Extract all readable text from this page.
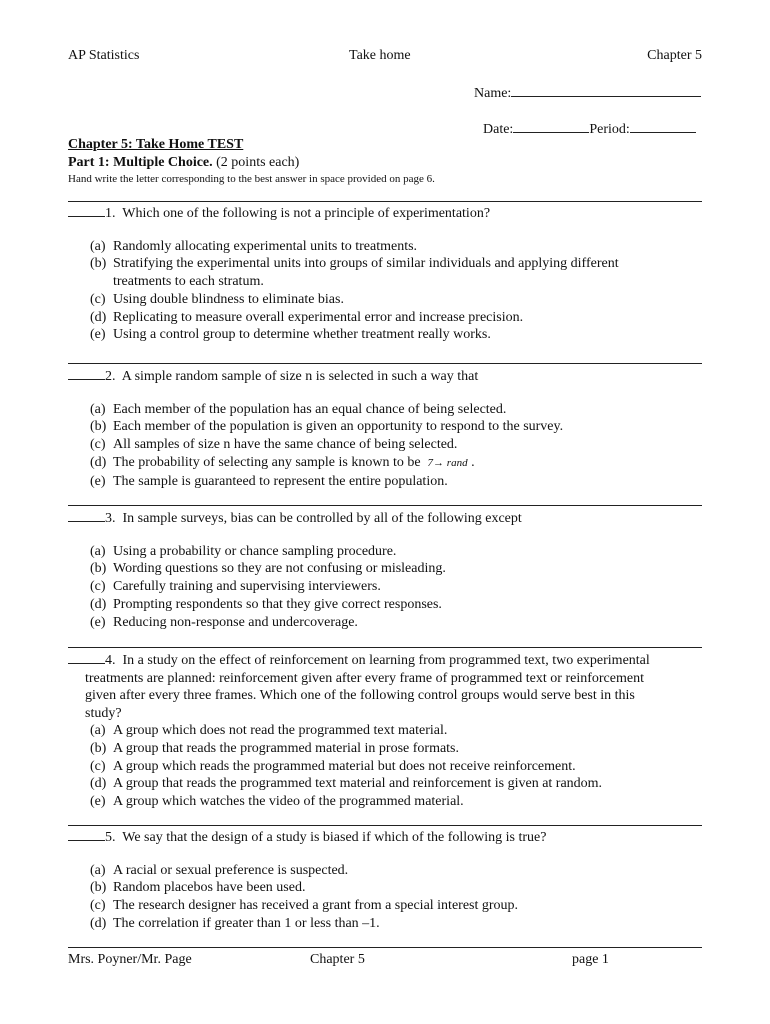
AP Statistics	Take home	Chapter 5
Name:
Date:	Period:
Chapter 5: Take Home TEST
Part 1: Multiple Choice. (2 points each)
Hand write the letter corresponding to the best answer in space provided on page 6.
1. Which one of the following is not a principle of experimentation?
(a) Randomly allocating experimental units to treatments.
(b) Stratifying the experimental units into groups of similar individuals and applying different
treatments to each stratum.
(c) Using double blindness to eliminate bias.
(d) Replicating to measure overall experimental error and increase precision.
(e) Using a control group to determine whether treatment really works.
2. A simple random sample of size n is selected in such a way that
(a) Each member of the population has an equal chance of being selected.
(b) Each member of the population is given an opportunity to respond to the survey.
(c) All samples of size n have the same chance of being selected.
(d) The probability of selecting any sample is known to be 7→ rand .
(e) The sample is guaranteed to represent the entire population.
3. In sample surveys, bias can be controlled by all of the following except
(a) Using a probability or chance sampling procedure.
(b) Wording questions so they are not confusing or misleading.
(c) Carefully training and supervising interviewers.
(d) Prompting respondents so that they give correct responses.
(e) Reducing non-response and undercoverage.
4. In a study on the effect of reinforcement on learning from programmed text, two experimental
treatments are planned: reinforcement given after every frame of programmed text or reinforcement
given after every three frames. Which one of the following control groups would serve best in this
study?
(a) A group which does not read the programmed text material.
(b) A group that reads the programmed material in prose formats.
(c) A group which reads the programmed material but does not receive reinforcement.
(d) A group that reads the programmed text material and reinforcement is given at random.
(e) A group which watches the video of the programmed material.
5. We say that the design of a study is biased if which of the following is true?
(a) A racial or sexual preference is suspected.
(b) Random placebos have been used.
(c) The research designer has received a grant from a special interest group.
(d) The correlation if greater than 1 or less than –1.
Mrs. Poyner/Mr. Page	Chapter 5	page 1
